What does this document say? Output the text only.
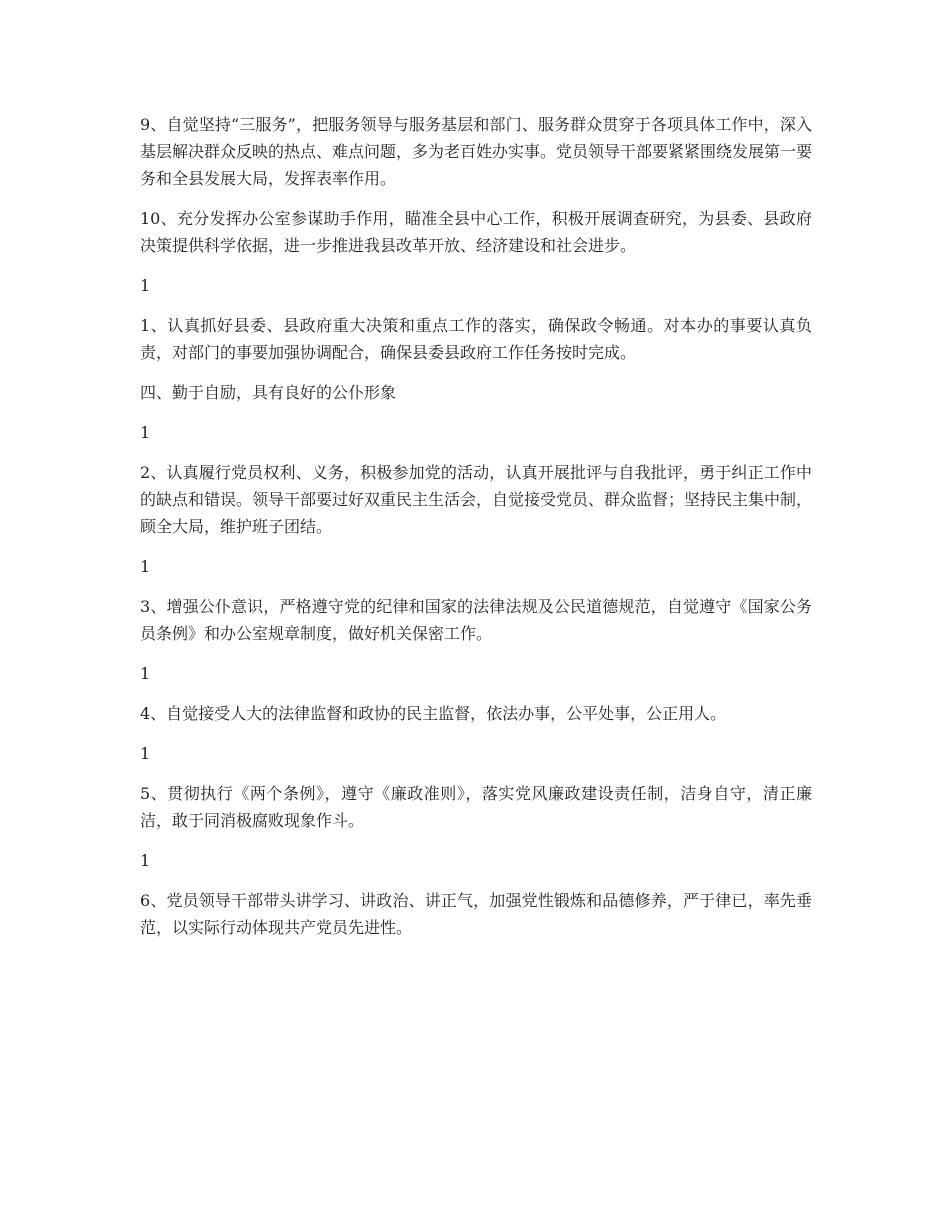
9、自觉坚持“三服务”，把服务领导与服务基层和部门、服务群众贯穿于各项具体工作中，深入基层解决群众反映的热点、难点问题，多为老百姓办实事。党员领导干部要紧紧围绕发展第一要务和全县发展大局，发挥表率作用。

10、充分发挥办公室参谋助手作用，瞄准全县中心工作，积极开展调查研究，为县委、县政府决策提供科学依据，进一步推进我县改革开放、经济建设和社会进步。

1

1、认真抓好县委、县政府重大决策和重点工作的落实，确保政令畅通。对本办的事要认真负责，对部门的事要加强协调配合，确保县委县政府工作任务按时完成。

四、勤于自励，具有良好的公仆形象

1

2、认真履行党员权利、义务，积极参加党的活动，认真开展批评与自我批评，勇于纠正工作中的缺点和错误。领导干部要过好双重民主生活会，自觉接受党员、群众监督；坚持民主集中制，顾全大局，维护班子团结。

1

3、增强公仆意识，严格遵守党的纪律和国家的法律法规及公民道德规范，自觉遵守《国家公务员条例》和办公室规章制度，做好机关保密工作。

1

4、自觉接受人大的法律监督和政协的民主监督，依法办事，公平处事，公正用人。

1

5、贯彻执行《两个条例》，遵守《廉政准则》，落实党风廉政建设责任制，洁身自守，清正廉洁，敢于同消极腐败现象作斗。

1

6、党员领导干部带头讲学习、讲政治、讲正气，加强党性锻炼和品德修养，严于律已，率先垂范，以实际行动体现共产党员先进性。
